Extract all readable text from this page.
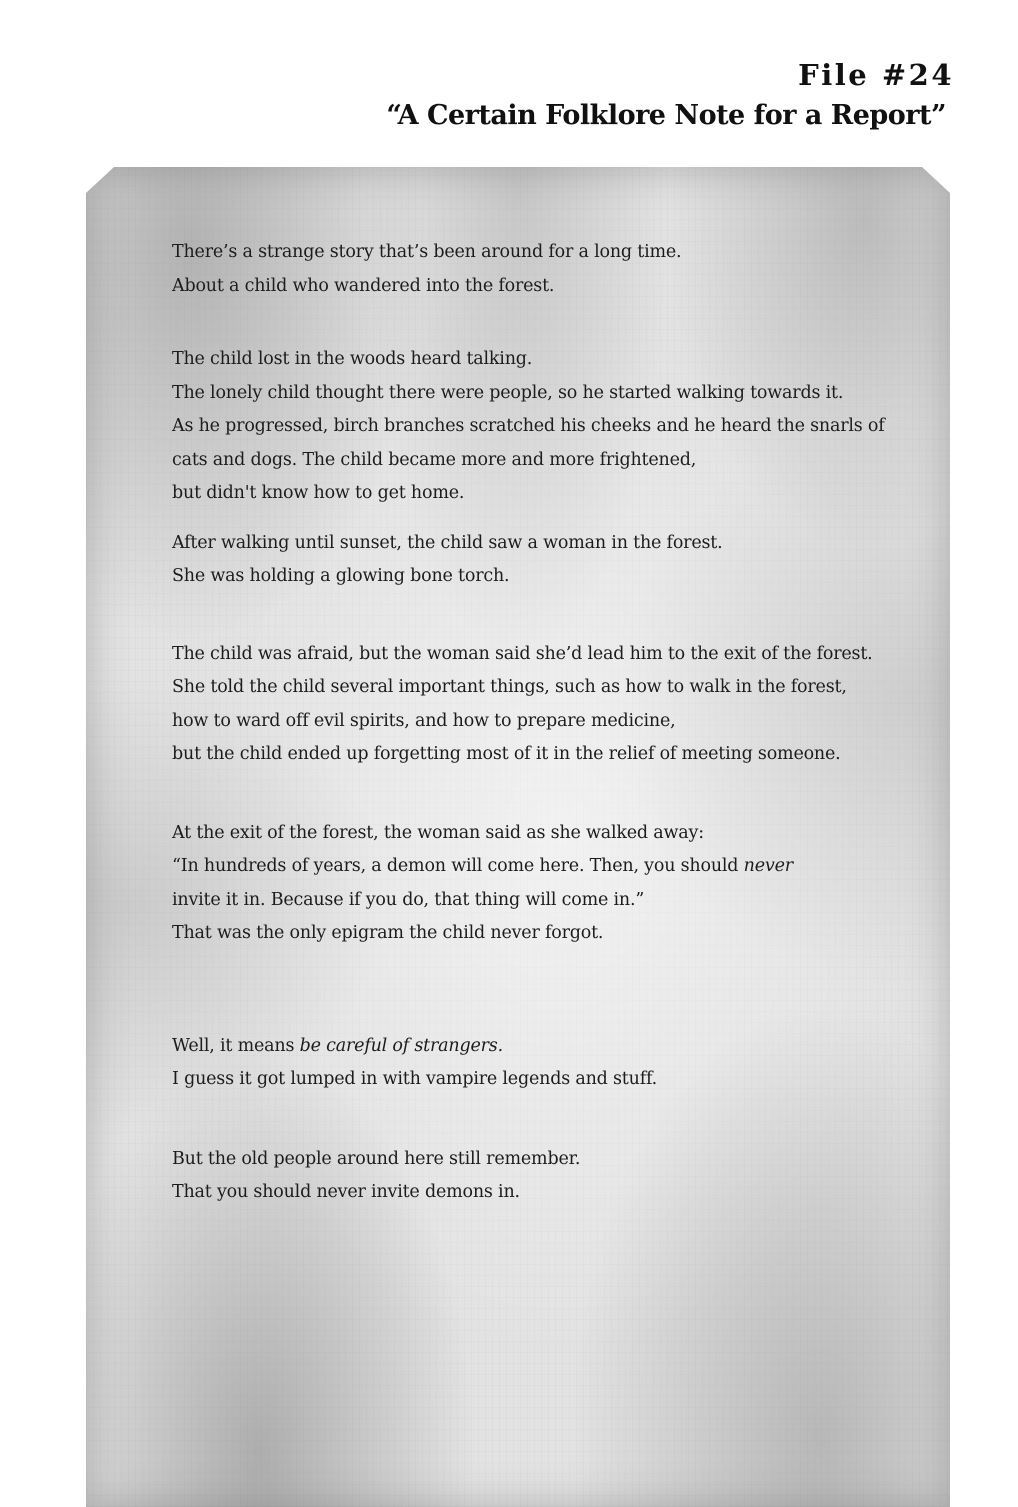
File #24
“A Certain Folklore Note for a Report”

There’s a strange story that’s been around for a long time.
About a child who wandered into the forest.

The child lost in the woods heard talking.
The lonely child thought there were people, so he started walking towards it.
As he progressed, birch branches scratched his cheeks and he heard the snarls of
cats and dogs. The child became more and more frightened,
but didn't know how to get home.

After walking until sunset, the child saw a woman in the forest.
She was holding a glowing bone torch.

The child was afraid, but the woman said she’d lead him to the exit of the forest.
She told the child several important things, such as how to walk in the forest,
how to ward off evil spirits, and how to prepare medicine,
but the child ended up forgetting most of it in the relief of meeting someone.

At the exit of the forest, the woman said as she walked away:
“In hundreds of years, a demon will come here. Then, you should never
invite it in. Because if you do, that thing will come in.”
That was the only epigram the child never forgot.

Well, it means be careful of strangers.
I guess it got lumped in with vampire legends and stuff.

But the old people around here still remember.
That you should never invite demons in.
